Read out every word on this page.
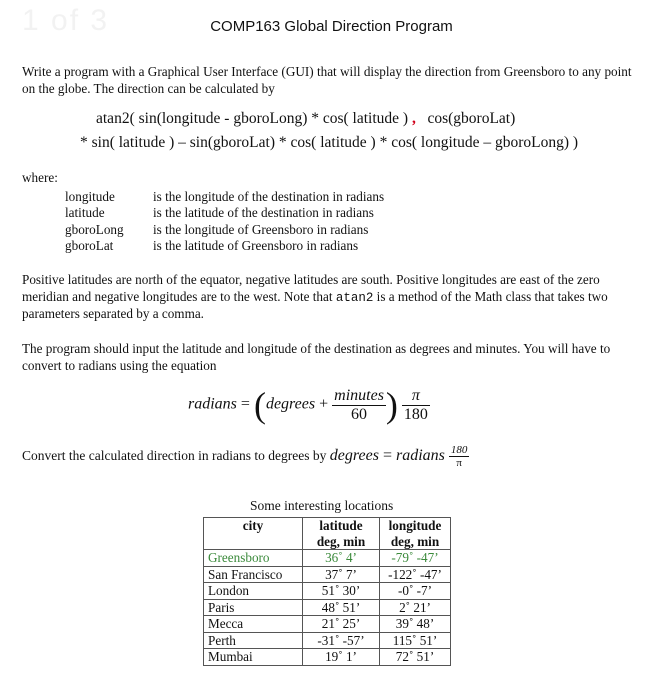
1 of 3	COMP163 Global Direction Program
Write a program with a Graphical User Interface (GUI) that will display the direction from Greensboro to any point on the globe. The direction can be calculated by
atan2( sin(longitude - gboroLong) * cos( latitude ) , cos(gboroLat)
* sin( latitude ) – sin(gboroLat) * cos( latitude ) * cos( longitude – gboroLong) )
where:
longitude	is the longitude of the destination in radians
latitude	is the latitude of the destination in radians
gboroLong	is the longitude of Greensboro in radians
gboroLat	is the latitude of Greensboro in radians
Positive latitudes are north of the equator, negative latitudes are south. Positive longitudes are east of the zero meridian and negative longitudes are to the west. Note that atan2 is a method of the Math class that takes two parameters separated by a comma.
The program should input the latitude and longitude of the destination as degrees and minutes. You will have to convert to radians using the equation
radians = (degrees + $\frac{\text{minutes}}{60}$ ) $\frac{\pi}{180}$
Convert the calculated direction in radians to degrees by degrees = radians $\frac{180}{\pi}$
Some interesting locations
city	latitude deg, min	longitude deg, min
Greensboro	36˚ 4’	-79˚ -47’
San Francisco	37˚ 7’	-122˚ -47’
London	51˚ 30’	-0˚ -7’
Paris	48˚ 51’	2˚ 21’
Mecca	21˚ 25’	39˚ 48’
Perth	-31˚ -57’	115˚ 51’
Mumbai	19˚ 1’	72˚ 51’
